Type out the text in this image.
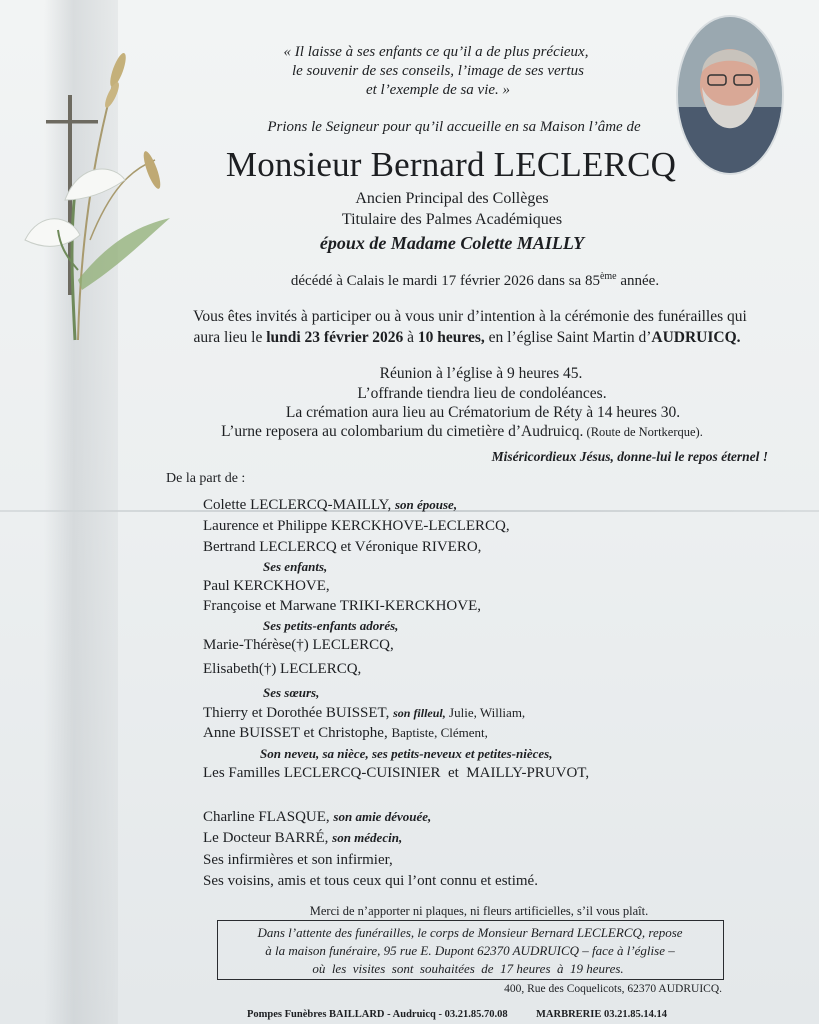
« Il laisse à ses enfants ce qu’il a de plus précieux,
le souvenir de ses conseils, l’image de ses vertus
et l’exemple de sa vie. »
Prions le Seigneur pour qu’il accueille en sa Maison l’âme de
Monsieur Bernard LECLERCQ
Ancien Principal des Collèges
Titulaire des Palmes Académiques
époux de Madame Colette MAILLY
décédé à Calais le mardi 17 février 2026 dans sa 85ème année.
Vous êtes invités à participer ou à vous unir d’intention à la cérémonie des funérailles qui
aura lieu le lundi 23 février 2026 à 10 heures, en l’église Saint Martin d’AUDRUICQ.
Réunion à l’église à 9 heures 45.
L’offrande tiendra lieu de condoléances.
La crémation aura lieu au Crématorium de Réty à 14 heures 30.
L’urne reposera au colombarium du cimetière d’Audruicq. (Route de Nortkerque).
Miséricordieux Jésus, donne-lui le repos éternel !
De la part de :
Colette LECLERCQ-MAILLY, son épouse,
Laurence et Philippe KERCKHOVE-LECLERCQ,
Bertrand LECLERCQ et Véronique RIVERO,
Ses enfants,
Paul KERCKHOVE,
Françoise et Marwane TRIKI-KERCKHOVE,
Ses petits-enfants adorés,
Marie-Thérèse(†) LECLERCQ,
Elisabeth(†) LECLERCQ,
Ses sœurs,
Thierry et Dorothée BUISSET, son filleul, Julie, William,
Anne BUISSET et Christophe, Baptiste, Clément,
Son neveu, sa nièce, ses petits-neveux et petites-nièces,
Les Familles LECLERCQ-CUISINIER  et  MAILLY-PRUVOT,
Charline FLASQUE, son amie dévouée,
Le Docteur BARRÉ, son médecin,
Ses infirmières et son infirmier,
Ses voisins, amis et tous ceux qui l’ont connu et estimé.
Merci de n’apporter ni plaques, ni fleurs artificielles, s’il vous plaît.
Dans l’attente des funérailles, le corps de Monsieur Bernard LECLERCQ, repose
à la maison funéraire, 95 rue E. Dupont 62370 AUDRUICQ – face à l’église –
où  les  visites  sont  souhaitées  de  17 heures  à  19 heures.
400, Rue des Coquelicots, 62370 AUDRUICQ.
Pompes Funèbres BAILLARD - Audruicq - 03.21.85.70.08	MARBRERIE 03.21.85.14.14
